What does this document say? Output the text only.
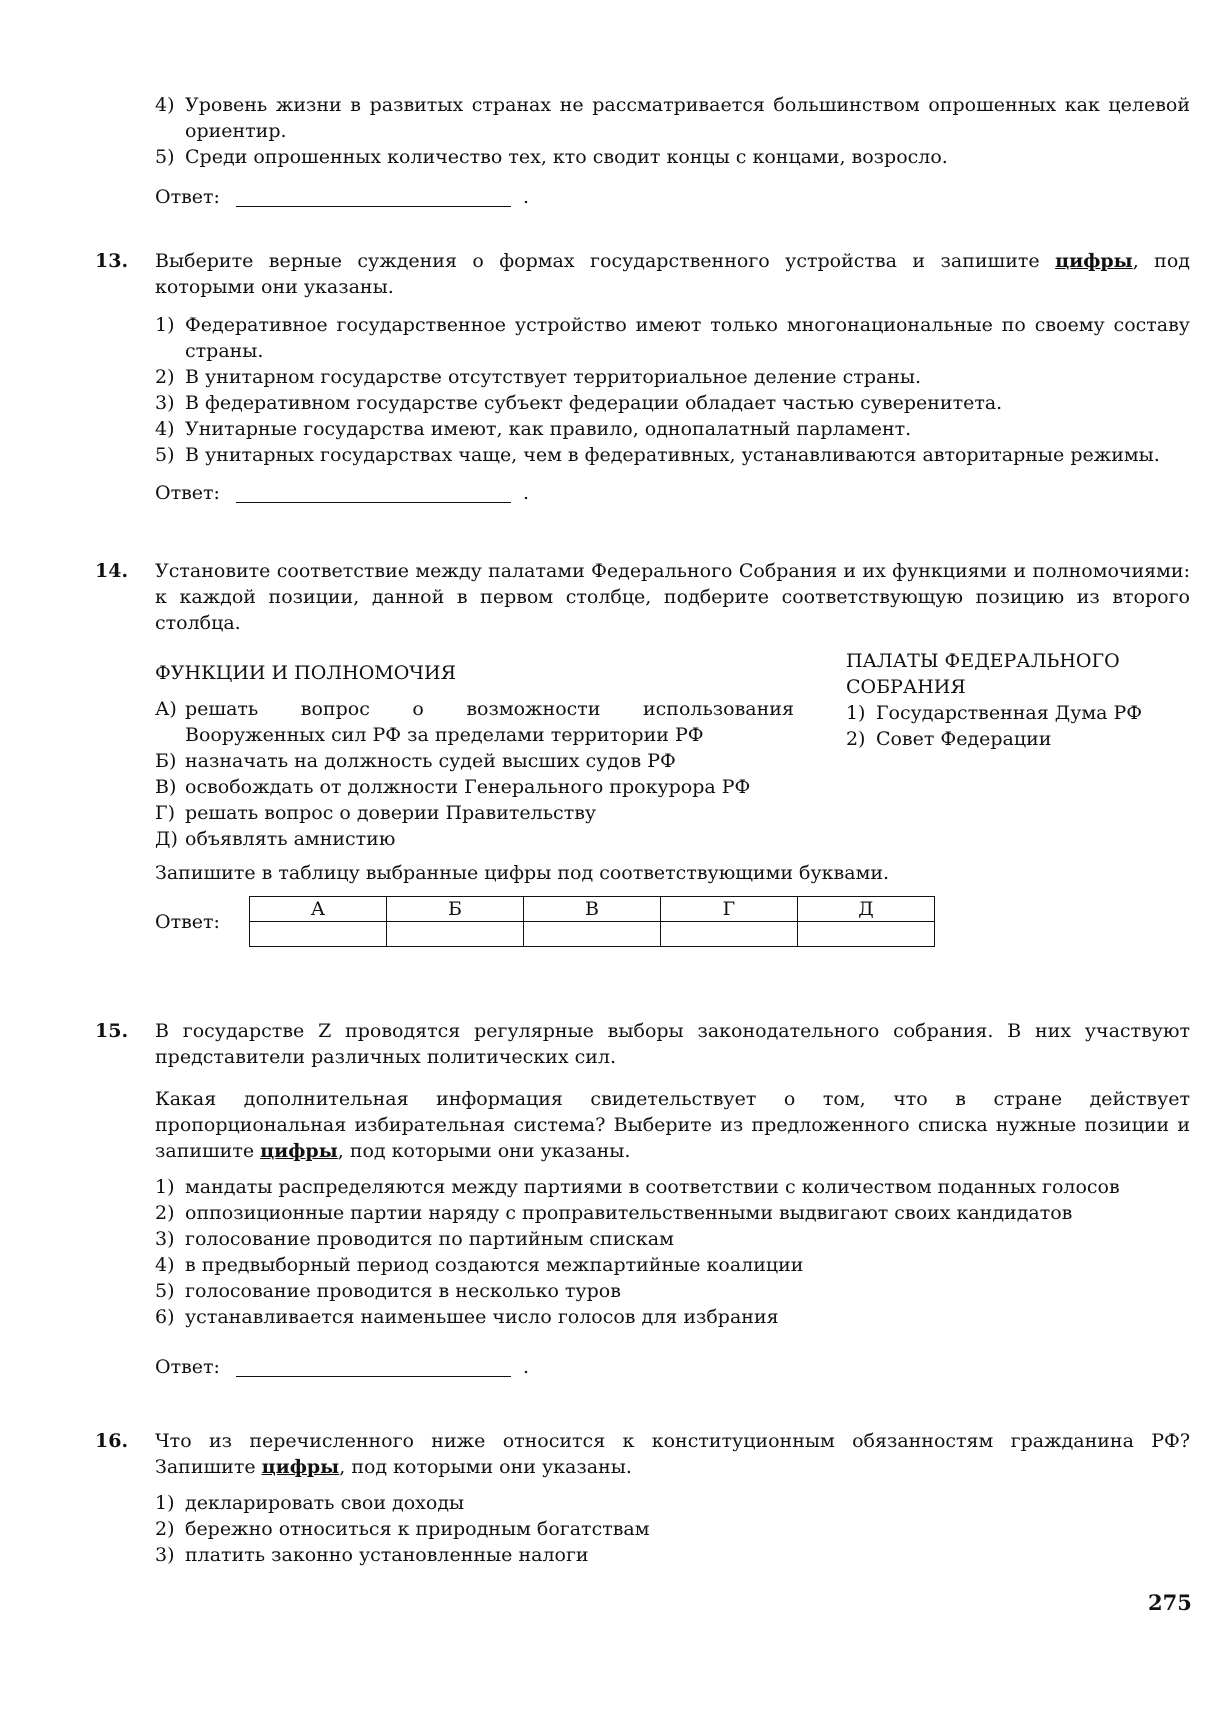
4) Уровень жизни в развитых странах не рассматривается большинством опрошенных как целевой ориентир.
5) Среди опрошенных количество тех, кто сводит концы с концами, возросло.
Ответ:	.
13. Выберите верные суждения о формах государственного устройства и запишите цифры, под которыми они указаны.

1) Федеративное государственное устройство имеют только многонациональные по своему составу страны.
2) В унитарном государстве отсутствует территориальное деление страны.
3) В федеративном государстве субъект федерации обладает частью суверенитета.
4) Унитарные государства имеют, как правило, однопалатный парламент.
5) В унитарных государствах чаще, чем в федеративных, устанавливаются авторитарные режимы.
Ответ:	.
14. Установите соответствие между палатами Федерального Собрания и их функциями и полномочиями: к каждой позиции, данной в первом столбце, подберите соответствующую позицию из второго столбца.

ФУНКЦИИ И ПОЛНОМОЧИЯ
А) решать вопрос о возможности использования Вооруженных сил РФ за пределами территории РФ
Б) назначать на должность судей высших судов РФ
В) освобождать от должности Генерального прокурора РФ
Г) решать вопрос о доверии Правительству
Д) объявлять амнистию
ПАЛАТЫ ФЕДЕРАЛЬНОГО СОБРАНИЯ
1) Государственная Дума РФ
2) Совет Федерации

Запишите в таблицу выбранные цифры под соответствующими буквами.

Ответ:
А	Б	В	Г	Д

15. В государстве Z проводятся регулярные выборы законодательного собрания. В них участвуют представители различных политических сил.

Какая дополнительная информация свидетельствует о том, что в стране действует пропорциональная избирательная система? Выберите из предложенного списка нужные позиции и запишите цифры, под которыми они указаны.

1) мандаты распределяются между партиями в соответствии с количеством поданных голосов
2) оппозиционные партии наряду с проправительственными выдвигают своих кандидатов
3) голосование проводится по партийным спискам
4) в предвыборный период создаются межпартийные коалиции
5) голосование проводится в несколько туров
6) устанавливается наименьшее число голосов для избрания
Ответ:	.
16. Что из перечисленного ниже относится к конституционным обязанностям гражданина РФ? Запишите цифры, под которыми они указаны.

1) декларировать свои доходы
2) бережно относиться к природным богатствам
3) платить законно установленные налоги
275
